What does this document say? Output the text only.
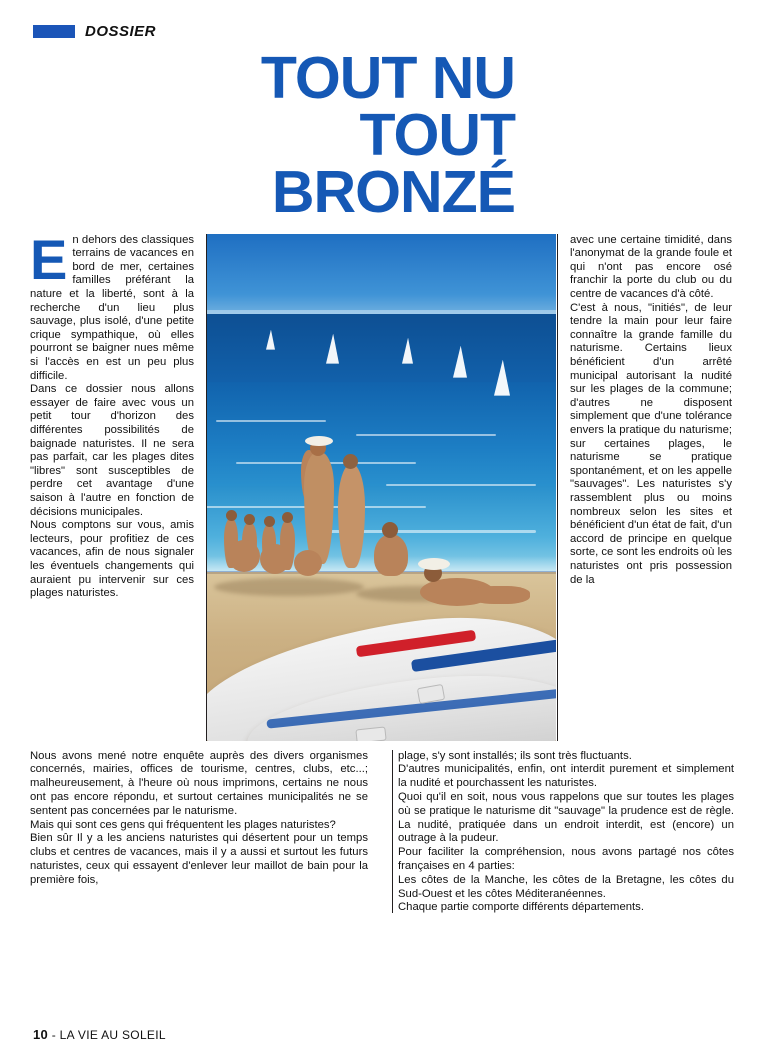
DOSSIER
TOUT NU
TOUT
BRONZÉ

En dehors des classiques terrains de vacances en bord de mer, certaines familles préférant la nature et la liberté, sont à la recherche d'un lieu plus sauvage, plus isolé, d'une petite crique sympathique, où elles pourront se baigner nues même si l'accès en est un peu plus difficile.

Dans ce dossier nous allons essayer de faire avec vous un petit tour d'horizon des différentes possibilités de baignade naturistes. Il ne sera pas parfait, car les plages dites "libres" sont susceptibles de perdre cet avantage d'une saison à l'autre en fonction de décisions municipales.

Nous comptons sur vous, amis lecteurs, pour profitiez de ces vacances, afin de nous signaler les éventuels changements qui auraient pu intervenir sur ces plages naturistes.

avec une certaine timidité, dans l'anonymat de la grande foule et qui n'ont pas encore osé franchir la porte du club ou du centre de vacances d'à côté.

C'est à nous, "initiés", de leur tendre la main pour leur faire connaître la grande famille du naturisme. Certains lieux bénéficient d'un arrêté municipal autorisant la nudité sur les plages de la commune; d'autres ne disposent simplement que d'une tolérance envers la pratique du naturisme; sur certaines plages, le naturisme se pratique spontanément, et on les appelle "sauvages". Les naturistes s'y rassemblent plus ou moins nombreux selon les sites et bénéficient d'un état de fait, d'un accord de principe en quelque sorte, ce sont les endroits où les naturistes ont pris possession de la

Nous avons mené notre enquête auprès des divers organismes concernés, mairies, offices de tourisme, centres, clubs, etc...; malheureusement, à l'heure où nous imprimons, certains ne nous ont pas encore répondu, et surtout certaines municipalités ne se sentent pas concernées par le naturisme.

Mais qui sont ces gens qui fréquentent les plages naturistes?

Bien sûr Il y a les anciens naturistes qui désertent pour un temps clubs et centres de vacances, mais il y a aussi et surtout les futurs naturistes, ceux qui essayent d'enlever leur maillot de bain pour la première fois,

plage, s'y sont installés; ils sont très fluctuants.

D'autres municipalités, enfin, ont interdit purement et simplement la nudité et pourchassent les naturistes.

Quoi qu'il en soit, nous vous rappelons que sur toutes les plages où se pratique le naturisme dit "sauvage" la prudence est de règle. La nudité, pratiquée dans un endroit interdit, est (encore) un outrage à la pudeur.

Pour faciliter la compréhension, nous avons partagé nos côtes françaises en 4 parties:

Les côtes de la Manche, les côtes de la Bretagne, les côtes du Sud-Ouest et les côtes Méditeranéennes.

Chaque partie comporte différents départements.

10 - LA VIE AU SOLEIL
